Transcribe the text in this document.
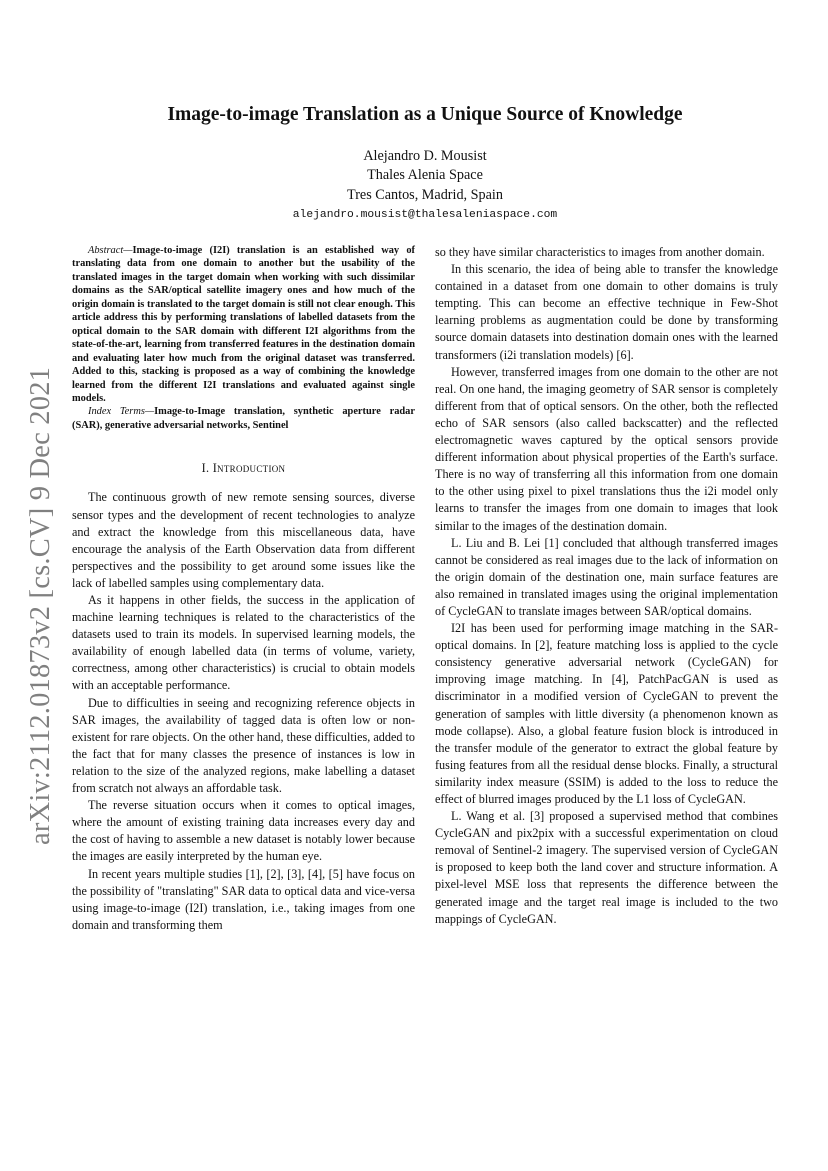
arXiv:2112.01873v2 [cs.CV] 9 Dec 2021
Image-to-image Translation as a Unique Source of Knowledge
Alejandro D. Mousist
Thales Alenia Space
Tres Cantos, Madrid, Spain
alejandro.mousist@thalesaleniaspace.com

Abstract—Image-to-image (I2I) translation is an established way of translating data from one domain to another but the usability of the translated images in the target domain when working with such dissimilar domains as the SAR/optical satellite imagery ones and how much of the origin domain is translated to the target domain is still not clear enough. This article address this by performing translations of labelled datasets from the optical domain to the SAR domain with different I2I algorithms from the state-of-the-art, learning from transferred features in the destination domain and evaluating later how much from the original dataset was transferred. Added to this, stacking is proposed as a way of combining the knowledge learned from the different I2I translations and evaluated against single models.

Index Terms—Image-to-Image translation, synthetic aperture radar (SAR), generative adversarial networks, Sentinel

I. Introduction

The continuous growth of new remote sensing sources, diverse sensor types and the development of recent technologies to analyze and extract the knowledge from this miscellaneous data, have encourage the analysis of the Earth Observation data from different perspectives and the possibility to get around some issues like the lack of labelled samples using complementary data.

As it happens in other fields, the success in the application of machine learning techniques is related to the characteristics of the datasets used to train its models. In supervised learning models, the availability of enough labelled data (in terms of volume, variety, correctness, among other characteristics) is crucial to obtain models with an acceptable performance.

Due to difficulties in seeing and recognizing reference objects in SAR images, the availability of tagged data is often low or non-existent for rare objects. On the other hand, these difficulties, added to the fact that for many classes the presence of instances is low in relation to the size of the analyzed regions, make labelling a dataset from scratch not always an affordable task.

The reverse situation occurs when it comes to optical images, where the amount of existing training data increases every day and the cost of having to assemble a new dataset is notably lower because the images are easily interpreted by the human eye.

In recent years multiple studies [1], [2], [3], [4], [5] have focus on the possibility of "translating" SAR data to optical data and vice-versa using image-to-image (I2I) translation, i.e., taking images from one domain and transforming them

so they have similar characteristics to images from another domain.

In this scenario, the idea of being able to transfer the knowledge contained in a dataset from one domain to other domains is truly tempting. This can become an effective technique in Few-Shot learning problems as augmentation could be done by transforming source domain datasets into destination domain ones with the learned transformers (i2i translation models) [6].

However, transferred images from one domain to the other are not real. On one hand, the imaging geometry of SAR sensor is completely different from that of optical sensors. On the other, both the reflected echo of SAR sensors (also called backscatter) and the reflected electromagnetic waves captured by the optical sensors provide different information about physical properties of the Earth's surface. There is no way of transferring all this information from one domain to the other using pixel to pixel translations thus the i2i model only learns to transfer the images from one domain to images that look similar to the images of the destination domain.

L. Liu and B. Lei [1] concluded that although transferred images cannot be considered as real images due to the lack of information on the origin domain of the destination one, main surface features are also remained in translated images using the original implementation of CycleGAN to translate images between SAR/optical domains.

I2I has been used for performing image matching in the SAR-optical domains. In [2], feature matching loss is applied to the cycle consistency generative adversarial network (CycleGAN) for improving image matching. In [4], PatchPacGAN is used as discriminator in a modified version of CycleGAN to prevent the generation of samples with little diversity (a phenomenon known as mode collapse). Also, a global feature fusion block is introduced in the transfer module of the generator to extract the global feature by fusing features from all the residual dense blocks. Finally, a structural similarity index measure (SSIM) is added to the loss to reduce the effect of blurred images produced by the L1 loss of CycleGAN.

L. Wang et al. [3] proposed a supervised method that combines CycleGAN and pix2pix with a successful experimentation on cloud removal of Sentinel-2 imagery. The supervised version of CycleGAN is proposed to keep both the land cover and structure information. A pixel-level MSE loss that represents the difference between the generated image and the target real image is included to the two mappings of CycleGAN.
